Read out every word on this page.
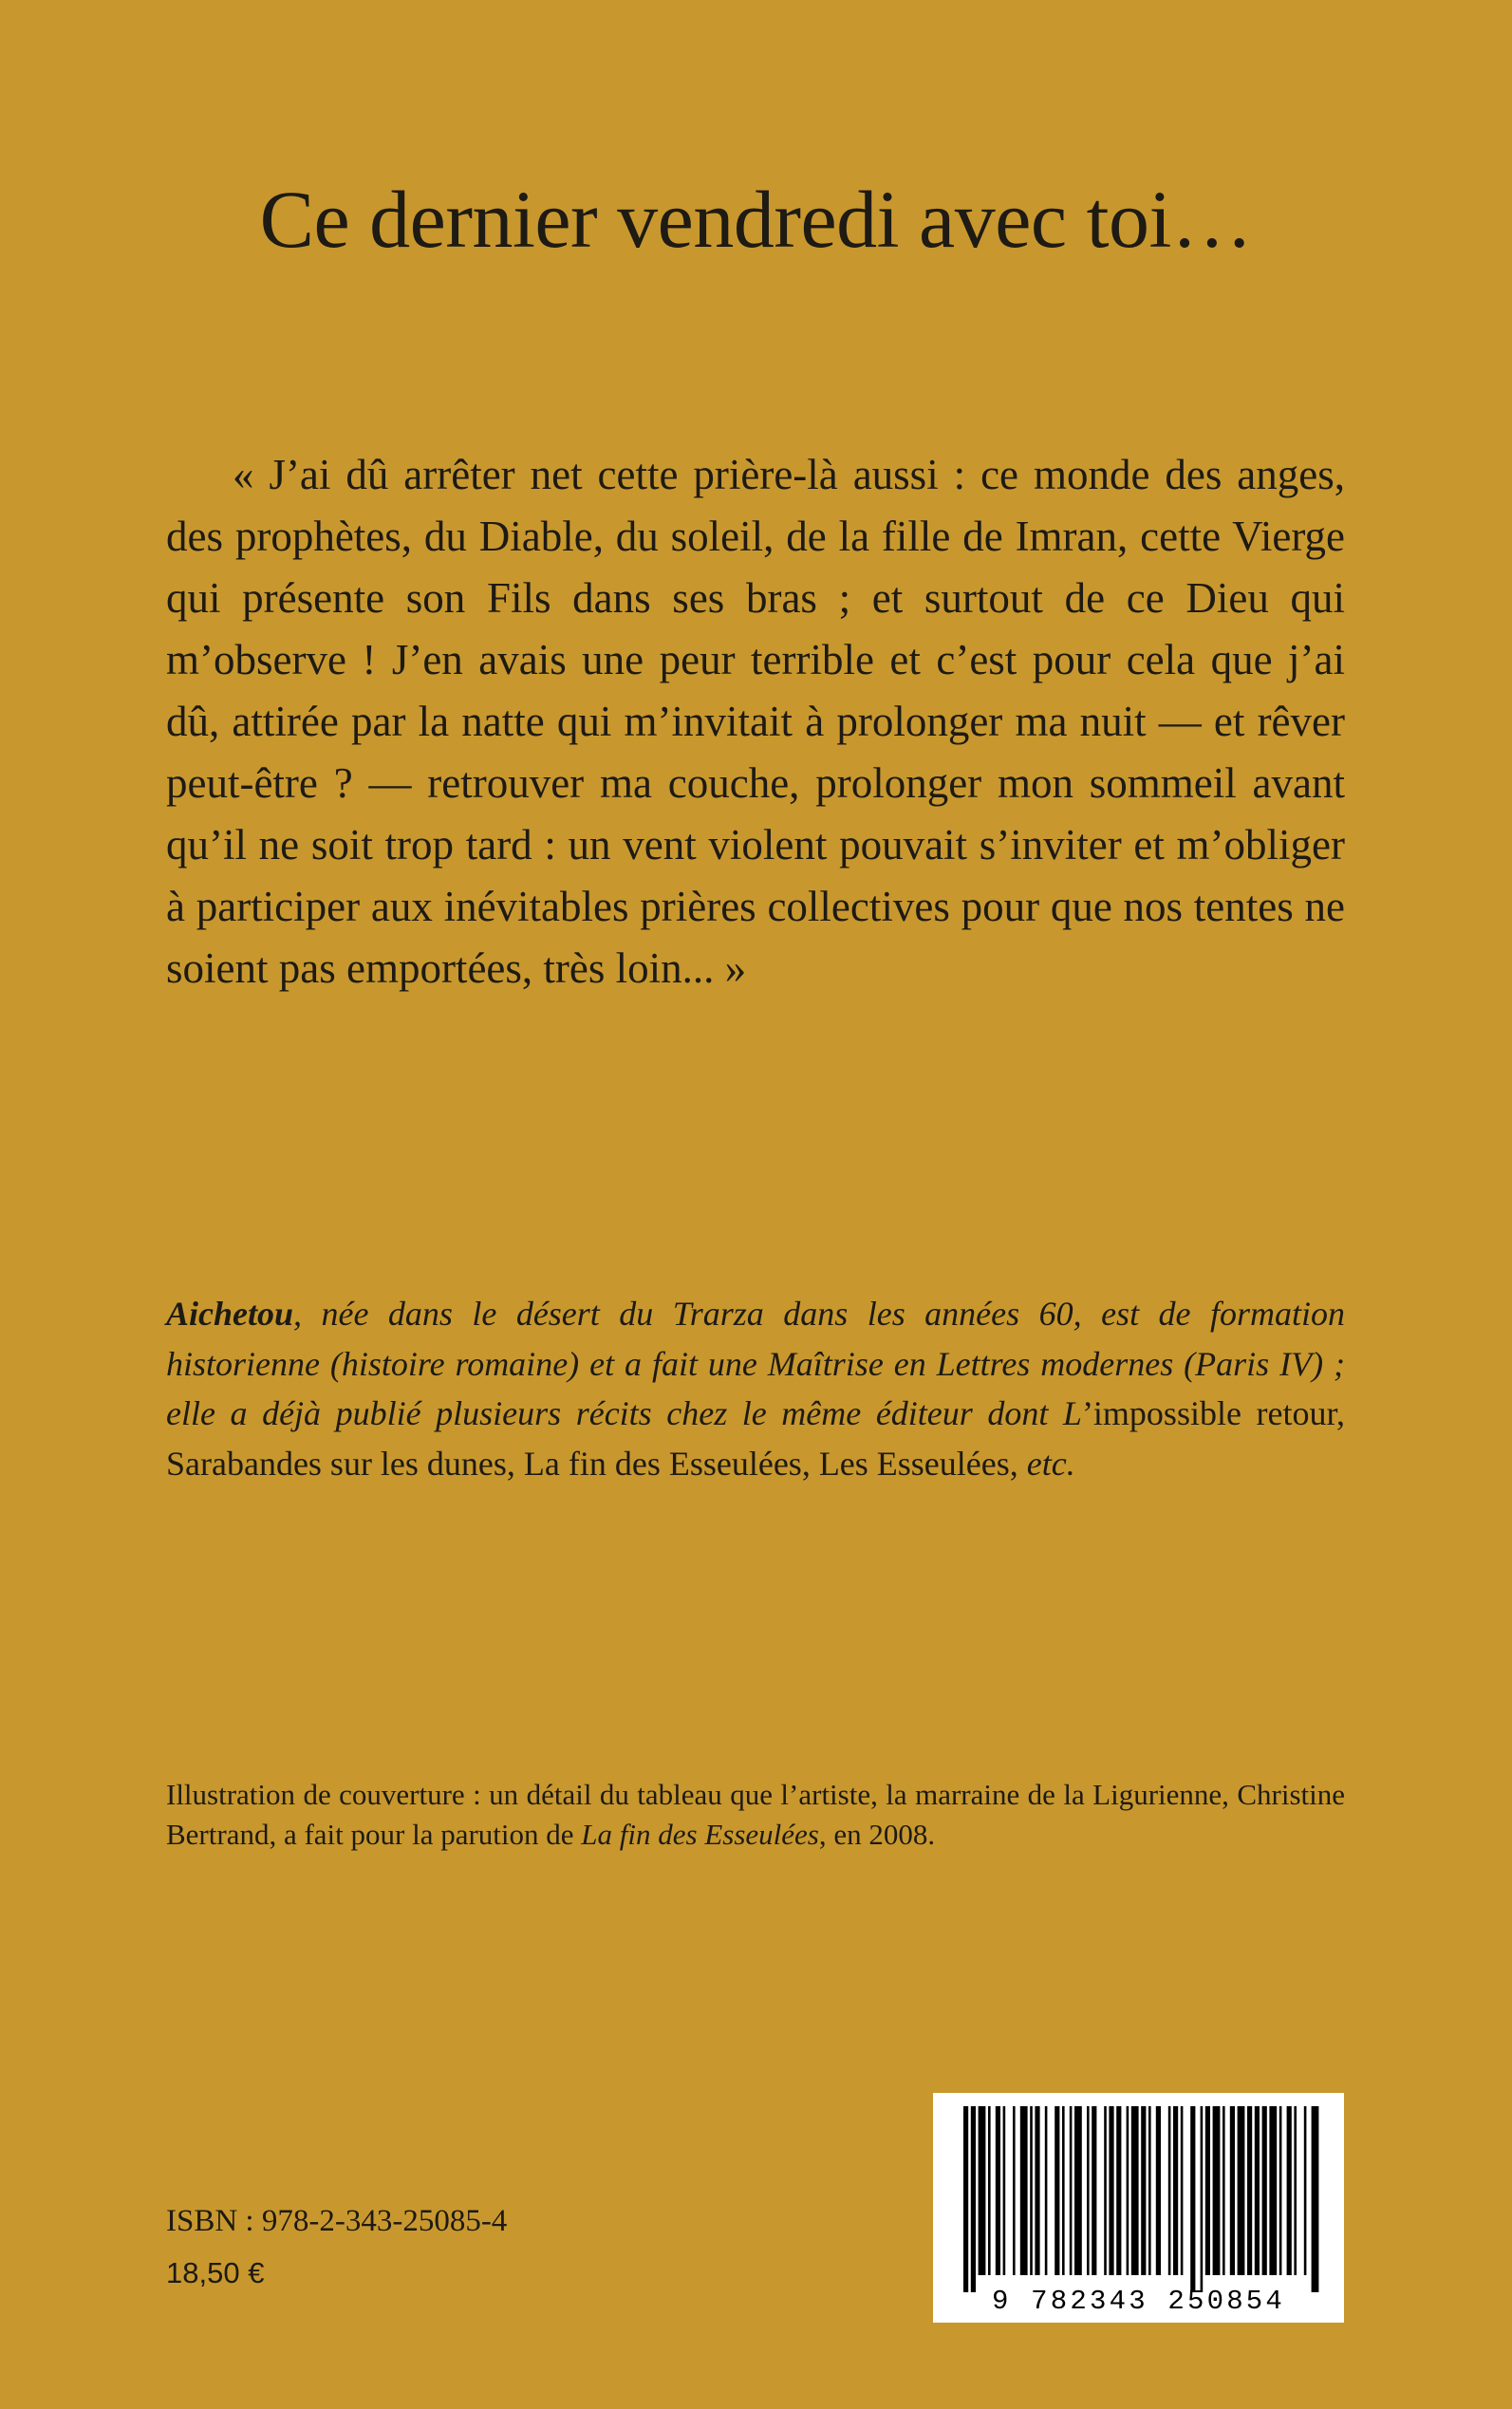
Ce dernier vendredi avec toi…

« J’ai dû arrêter net cette prière-là aussi : ce monde des anges, des prophètes, du Diable, du soleil, de la fille de Imran, cette Vierge qui présente son Fils dans ses bras ; et surtout de ce Dieu qui m’observe ! J’en avais une peur terrible et c’est pour cela que j’ai dû, attirée par la natte qui m’invitait à prolonger ma nuit — et rêver peut-être ? — retrouver ma couche, prolonger mon sommeil avant qu’il ne soit trop tard : un vent violent pouvait s’inviter et m’obliger à participer aux inévitables prières collectives pour que nos tentes ne soient pas emportées, très loin... »

Aichetou, née dans le désert du Trarza dans les années 60, est de formation historienne (histoire romaine) et a fait une Maîtrise en Lettres modernes (Paris IV) ; elle a déjà publié plusieurs récits chez le même éditeur dont L’impossible retour, Sarabandes sur les dunes, La fin des Esseulées, Les Esseulées, etc.

Illustration de couverture : un détail du tableau que l’artiste, la marraine de la Ligurienne, Christine Bertrand, a fait pour la parution de La fin des Esseulées, en 2008.

ISBN : 978-2-343-25085-4

18,50 €

9 782343 250854
